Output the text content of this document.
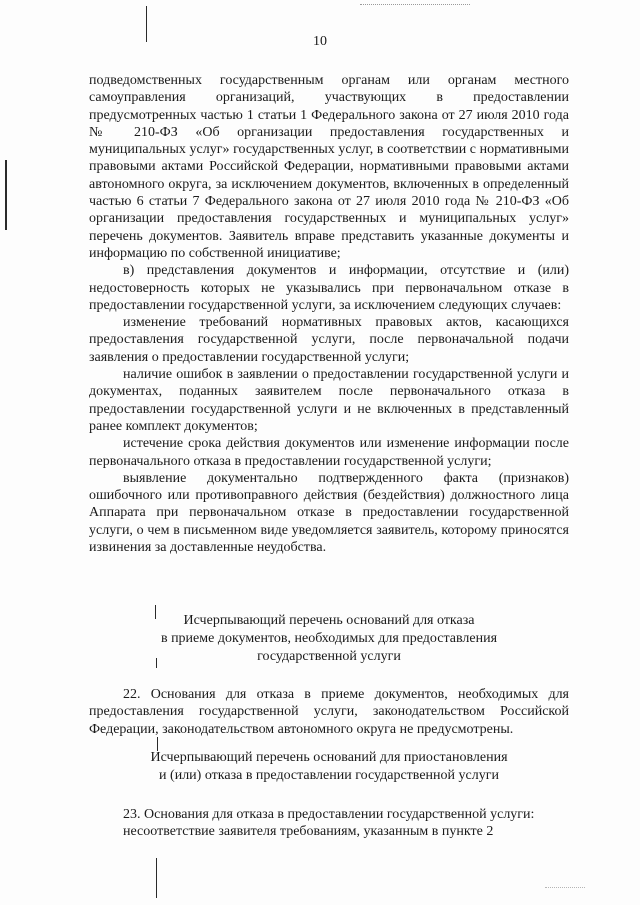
10

подведомственных государственным органам или органам местного самоуправления организаций, участвующих в предоставлении предусмотренных частью 1 статьи 1 Федерального закона от 27 июля 2010 года № 210-ФЗ «Об организации предоставления государственных и муниципальных услуг» государственных услуг, в соответствии с нормативными правовыми актами Российской Федерации, нормативными правовыми актами автономного округа, за исключением документов, включенных в определенный частью 6 статьи 7 Федерального закона от 27 июля 2010 года № 210-ФЗ «Об организации предоставления государственных и муниципальных услуг» перечень документов. Заявитель вправе представить указанные документы и информацию по собственной инициативе;

в) представления документов и информации, отсутствие и (или) недостоверность которых не указывались при первоначальном отказе в предоставлении государственной услуги, за исключением следующих случаев:

изменение требований нормативных правовых актов, касающихся предоставления государственной услуги, после первоначальной подачи заявления о предоставлении государственной услуги;

наличие ошибок в заявлении о предоставлении государственной услуги и документах, поданных заявителем после первоначального отказа в предоставлении государственной услуги и не включенных в представленный ранее комплект документов;

истечение срока действия документов или изменение информации после первоначального отказа в предоставлении государственной услуги;

выявление документально подтвержденного факта (признаков) ошибочного или противоправного действия (бездействия) должностного лица Аппарата при первоначальном отказе в предоставлении государственной услуги, о чем в письменном виде уведомляется заявитель, которому приносятся извинения за доставленные неудобства.

Исчерпывающий перечень оснований для отказа
в приеме документов, необходимых для предоставления
государственной услуги

22. Основания для отказа в приеме документов, необходимых для предоставления государственной услуги, законодательством Российской Федерации, законодательством автономного округа не предусмотрены.

Исчерпывающий перечень оснований для приостановления
и (или) отказа в предоставлении государственной услуги

23. Основания для отказа в предоставлении государственной услуги:

несоответствие заявителя требованиям, указанным в пункте 2
